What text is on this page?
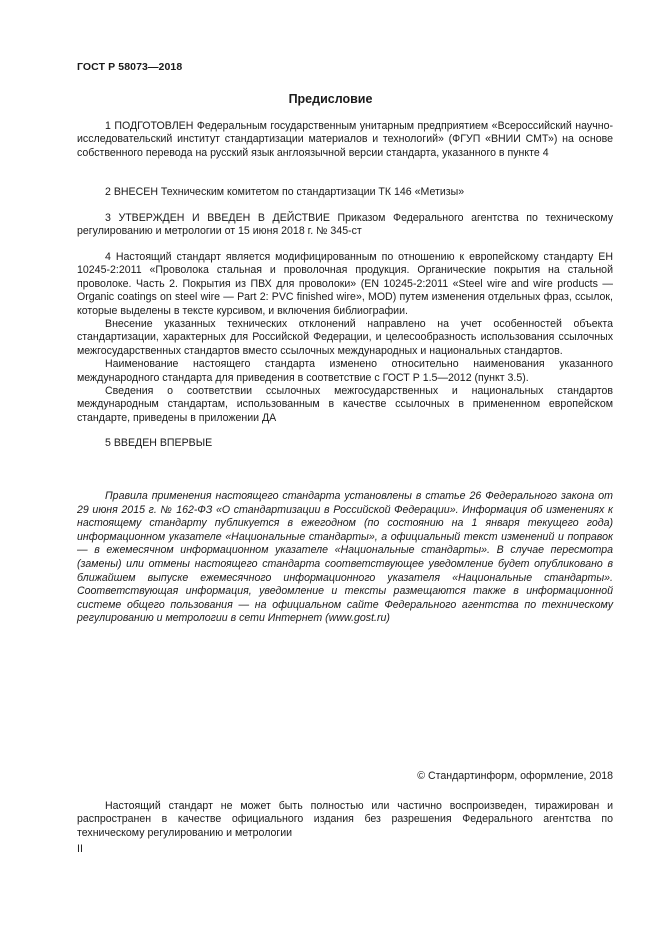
ГОСТ Р 58073—2018
Предисловие

1 ПОДГОТОВЛЕН Федеральным государственным унитарным предприятием «Всероссийский научно-исследовательский институт стандартизации материалов и технологий» (ФГУП «ВНИИ СМТ») на основе собственного перевода на русский язык англоязычной версии стандарта, указанного в пункте 4

2 ВНЕСЕН Техническим комитетом по стандартизации ТК 146 «Метизы»

3 УТВЕРЖДЕН И ВВЕДЕН В ДЕЙСТВИЕ Приказом Федерального агентства по техническому регулированию и метрологии от 15 июня 2018 г. № 345-ст

4 Настоящий стандарт является модифицированным по отношению к европейскому стандарту ЕН 10245-2:2011 «Проволока стальная и проволочная продукция. Органические покрытия на стальной проволоке. Часть 2. Покрытия из ПВХ для проволоки» (EN 10245-2:2011 «Steel wire and wire products — Organic coatings on steel wire — Part 2: PVC finished wire», MOD) путем изменения отдельных фраз, ссылок, которые выделены в тексте курсивом, и включения библиографии.

Внесение указанных технических отклонений направлено на учет особенностей объекта стандартизации, характерных для Российской Федерации, и целесообразность использования ссылочных межгосударственных стандартов вместо ссылочных международных и национальных стандартов.

Наименование настоящего стандарта изменено относительно наименования указанного международного стандарта для приведения в соответствие с ГОСТ Р 1.5—2012 (пункт 3.5).

Сведения о соответствии ссылочных межгосударственных и национальных стандартов международным стандартам, использованным в качестве ссылочных в примененном европейском стандарте, приведены в приложении ДА

5 ВВЕДЕН ВПЕРВЫЕ

Правила применения настоящего стандарта установлены в статье 26 Федерального закона от 29 июня 2015 г. № 162-ФЗ «О стандартизации в Российской Федерации». Информация об изменениях к настоящему стандарту публикуется в ежегодном (по состоянию на 1 января текущего года) информационном указателе «Национальные стандарты», а официальный текст изменений и поправок — в ежемесячном информационном указателе «Национальные стандарты». В случае пересмотра (замены) или отмены настоящего стандарта соответствующее уведомление будет опубликовано в ближайшем выпуске ежемесячного информационного указателя «Национальные стандарты». Соответствующая информация, уведомление и тексты размещаются также в информационной системе общего пользования — на официальном сайте Федерального агентства по техническому регулированию и метрологии в сети Интернет (www.gost.ru)
© Стандартинформ, оформление, 2018
Настоящий стандарт не может быть полностью или частично воспроизведен, тиражирован и распространен в качестве официального издания без разрешения Федерального агентства по техническому регулированию и метрологии
II
